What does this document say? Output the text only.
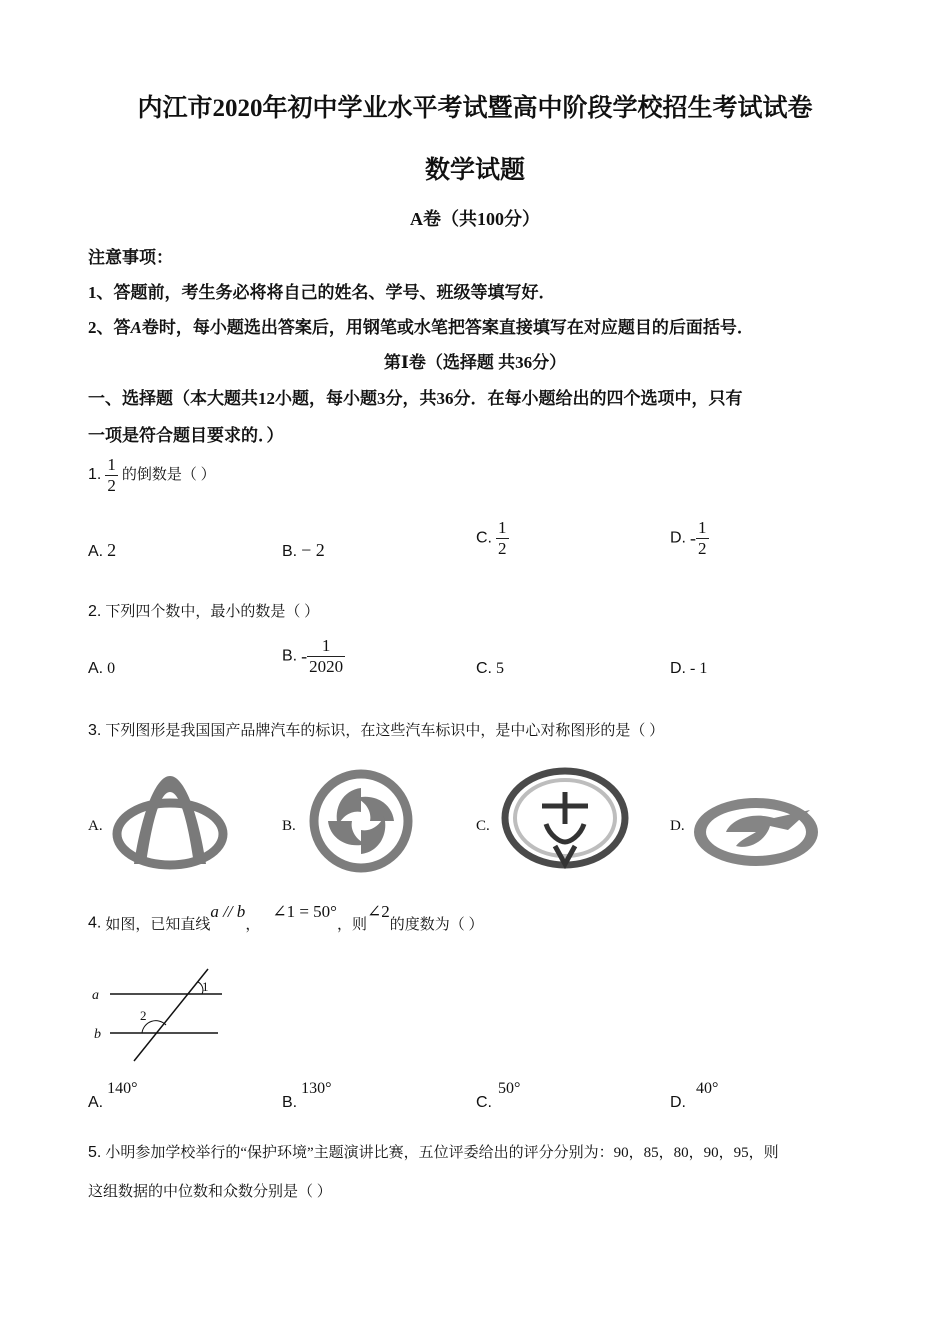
内江市2020年初中学业水平考试暨高中阶段学校招生考试试卷
数学试题
A卷（共100分）
注意事项：
1、答题前，考生务必将将自己的姓名、学号、班级等填写好．
2、答A卷时，每小题选出答案后，用钢笔或水笔把答案直接填写在对应题目的后面括号．
第Ⅰ卷（选择题 共36分）
一、选择题（本大题共12小题，每小题3分，共36分．在每小题给出的四个选项中，只有
一项是符合题目要求的．）
1. $\frac{1}{2}$ 的倒数是（ ）
A. 2	B. − 2
C. $\frac{1}{2}$	D. - $\frac{1}{2}$
2. 下列四个数中，最小的数是（ ）
A. 0
B. - $\frac{1}{2020}$	C. 5	D. - 1
3. 下列图形是我国国产品牌汽车的标识，在这些汽车标识中，是中心对称图形的是（ ）
A.	B.	C.	D.
4. 如图，已知直线a // b，   ∠1 = 50°，则∠2的度数为（ ）
a
b
1
2
A.140°
B.130°
C.50°
D.40°
5. 小明参加学校举行的“保护环境”主题演讲比赛，五位评委给出的评分分别为：90，85，80，90，95，则
这组数据的中位数和众数分别是（ ）
